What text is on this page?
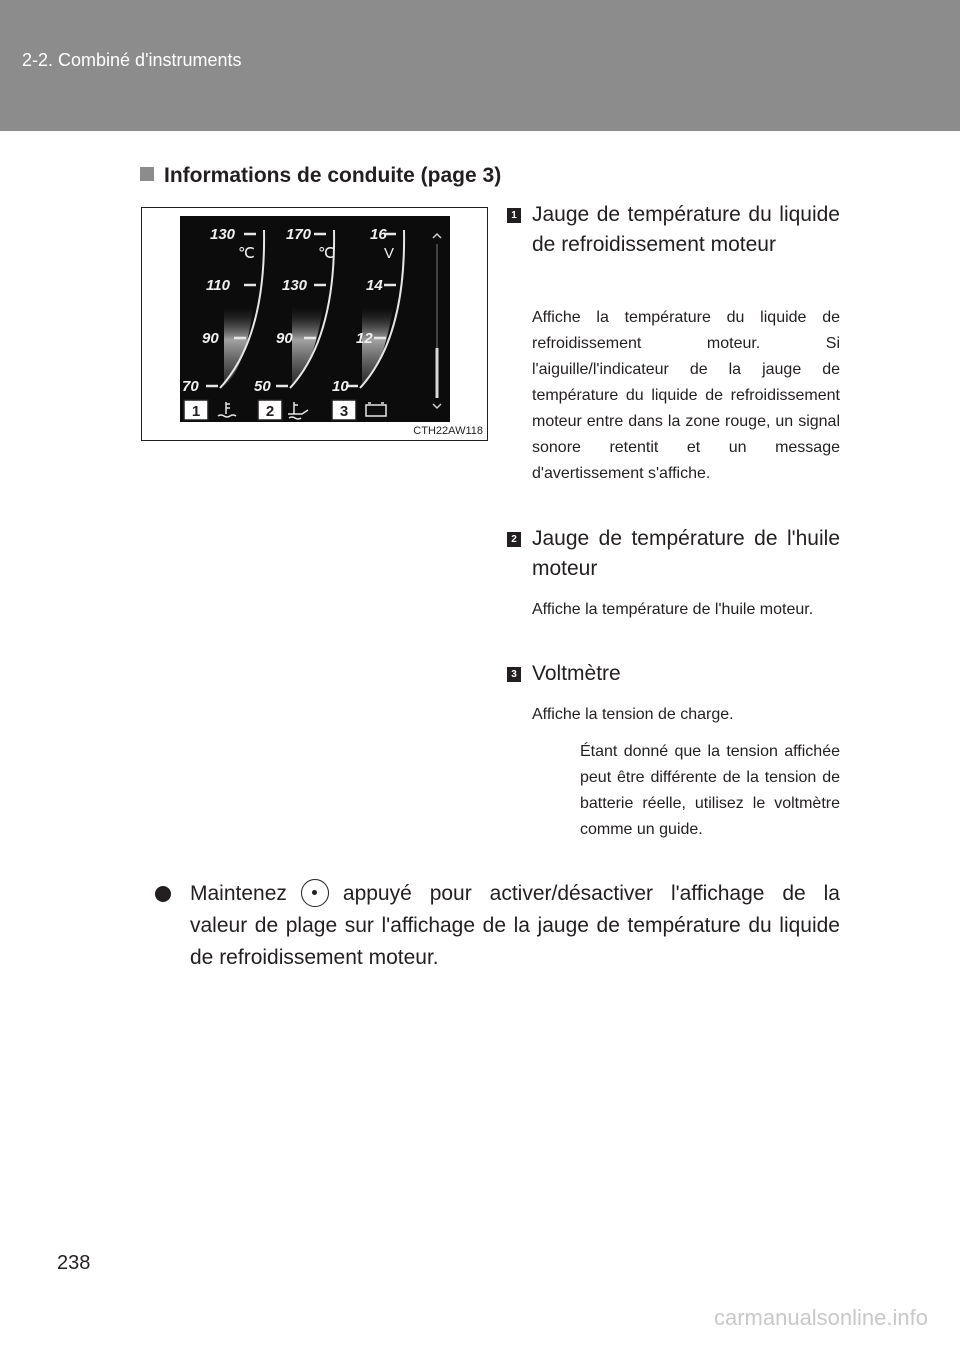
2-2. Combiné d'instruments
Informations de conduite (page 3)
130
110
90
70
170
130
90
50
16
14
12
10
℃	℃	V
1	2	3
CTH22AW118
1 Jauge de température du liquide de refroidissement moteur
Affiche la température du liquide de refroidissement moteur. Si l'aiguille/l'indicateur de la jauge de température du liquide de refroidissement moteur entre dans la zone rouge, un signal sonore retentit et un message d'avertissement s'affiche.
2 Jauge de température de l'huile moteur
Affiche la température de l'huile moteur.
3 Voltmètre
Affiche la tension de charge.
Étant donné que la tension affichée peut être différente de la tension de batterie réelle, utilisez le voltmètre comme un guide.
Maintenez	appuyé pour activer/désactiver l'affichage de la valeur de plage sur l'affichage de la jauge de température du liquide de refroidissement moteur.
238
carmanualsonline.info
